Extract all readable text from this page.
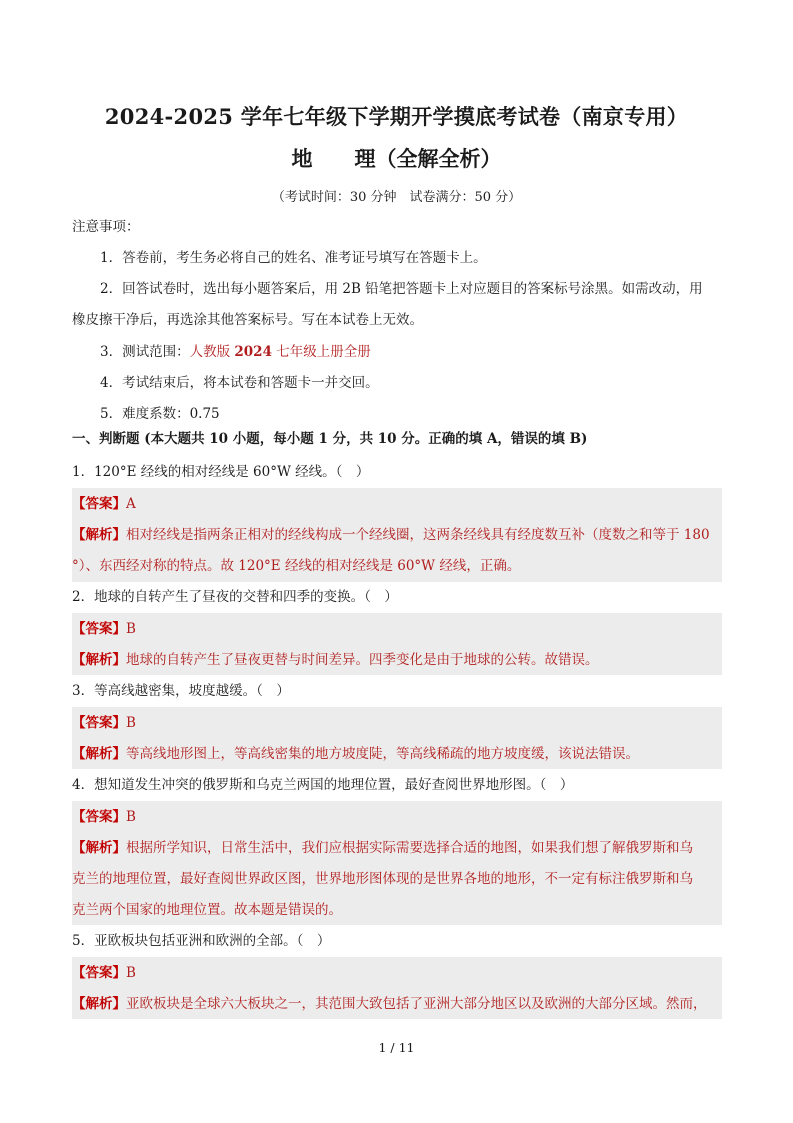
2024-2025 学年七年级下学期开学摸底考试卷（南京专用）
地　　理（全解全析）
（考试时间：30 分钟　试卷满分：50 分）
注意事项：
1．答卷前，考生务必将自己的姓名、准考证号填写在答题卡上。
2．回答试卷时，选出每小题答案后，用 2B 铅笔把答题卡上对应题目的答案标号涂黑。如需改动，用
橡皮擦干净后，再选涂其他答案标号。写在本试卷上无效。
3．测试范围：人教版 2024 七年级上册全册
4．考试结束后，将本试卷和答题卡一并交回。
5．难度系数：0.75
一、判断题 (本大题共 10 小题，每小题 1 分，共 10 分。正确的填 A，错误的填 B)
1．120°E 经线的相对经线是 60°W 经线。（　）
【答案】A
【解析】相对经线是指两条正相对的经线构成一个经线圈，这两条经线具有经度数互补（度数之和等于 180
°）、东西经对称的特点。故 120°E 经线的相对经线是 60°W 经线，正确。
2．地球的自转产生了昼夜的交替和四季的变换。（　）
【答案】B
【解析】地球的自转产生了昼夜更替与时间差异。四季变化是由于地球的公转。故错误。
3．等高线越密集，坡度越缓。（　）
【答案】B
【解析】等高线地形图上，等高线密集的地方坡度陡，等高线稀疏的地方坡度缓，该说法错误。
4．想知道发生冲突的俄罗斯和乌克兰两国的地理位置，最好查阅世界地形图。（　）
【答案】B
【解析】根据所学知识，日常生活中，我们应根据实际需要选择合适的地图，如果我们想了解俄罗斯和乌
克兰的地理位置，最好查阅世界政区图，世界地形图体现的是世界各地的地形，不一定有标注俄罗斯和乌
克兰两个国家的地理位置。故本题是错误的。
5．亚欧板块包括亚洲和欧洲的全部。（　）
【答案】B
【解析】亚欧板块是全球六大板块之一，其范围大致包括了亚洲大部分地区以及欧洲的大部分区域。然而，
1 / 11
